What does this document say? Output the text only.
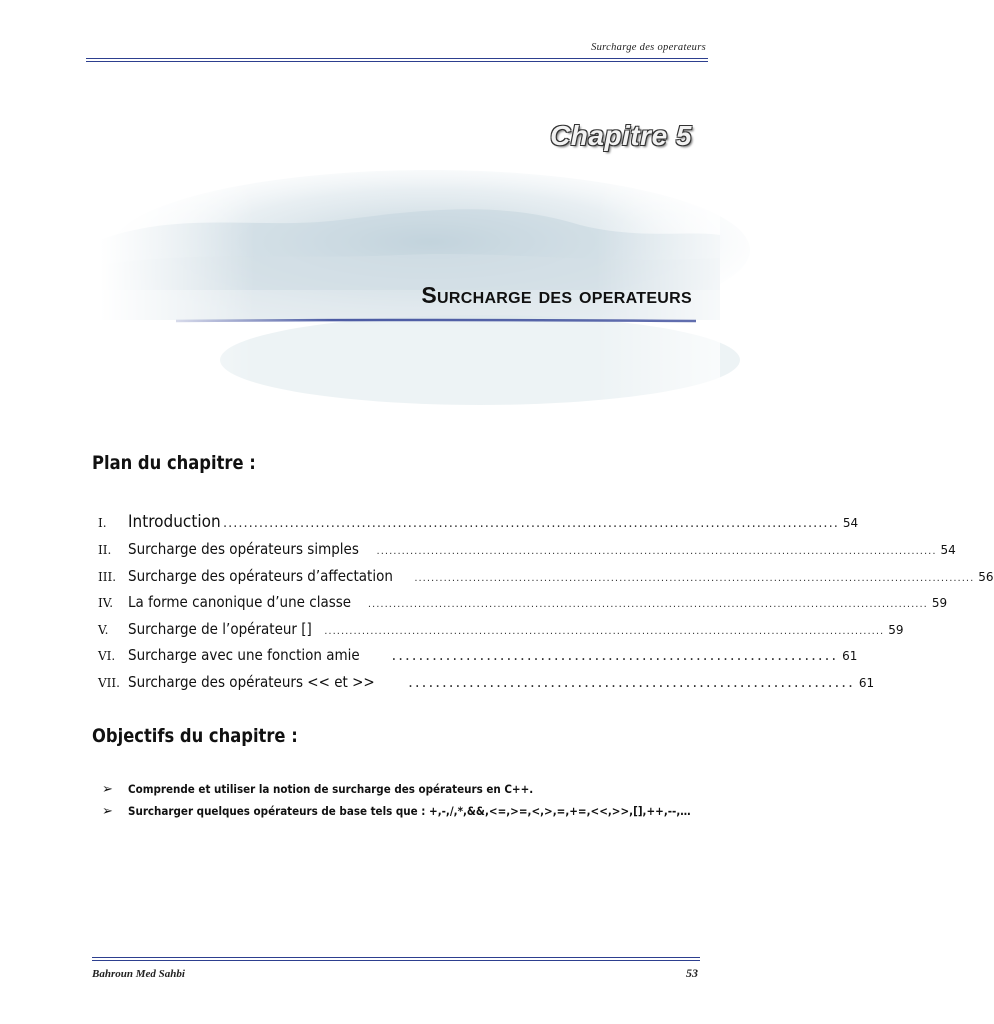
Surcharge des operateurs
Chapitre 5
Surcharge des operateurs
Plan du chapitre :
I.	Introduction ........................................................................................................................ 54
II.	Surcharge des opérateurs simples ...................................................................................................................................... 54
III. Surcharge des opérateurs d’affectation ...................................................................................................................................... 56
IV. La forme canonique d’une classe ...................................................................................................................................... 59
V.	Surcharge de l’opérateur [] ...................................................................................................................................... 59
VI. Surcharge avec une fonction amie .................................................................. 61
VII. Surcharge des opérateurs << et >> .................................................................. 61
Objectifs du chapitre :
➢	Comprende et utiliser la notion de surcharge des opérateurs en C++.
➢	Surcharger quelques opérateurs de base tels que : +,-,/,*,&&,<=,>=,<,>,=,+=,<<,>>,[],++,--,…
Bahroun Med Sahbi	53
